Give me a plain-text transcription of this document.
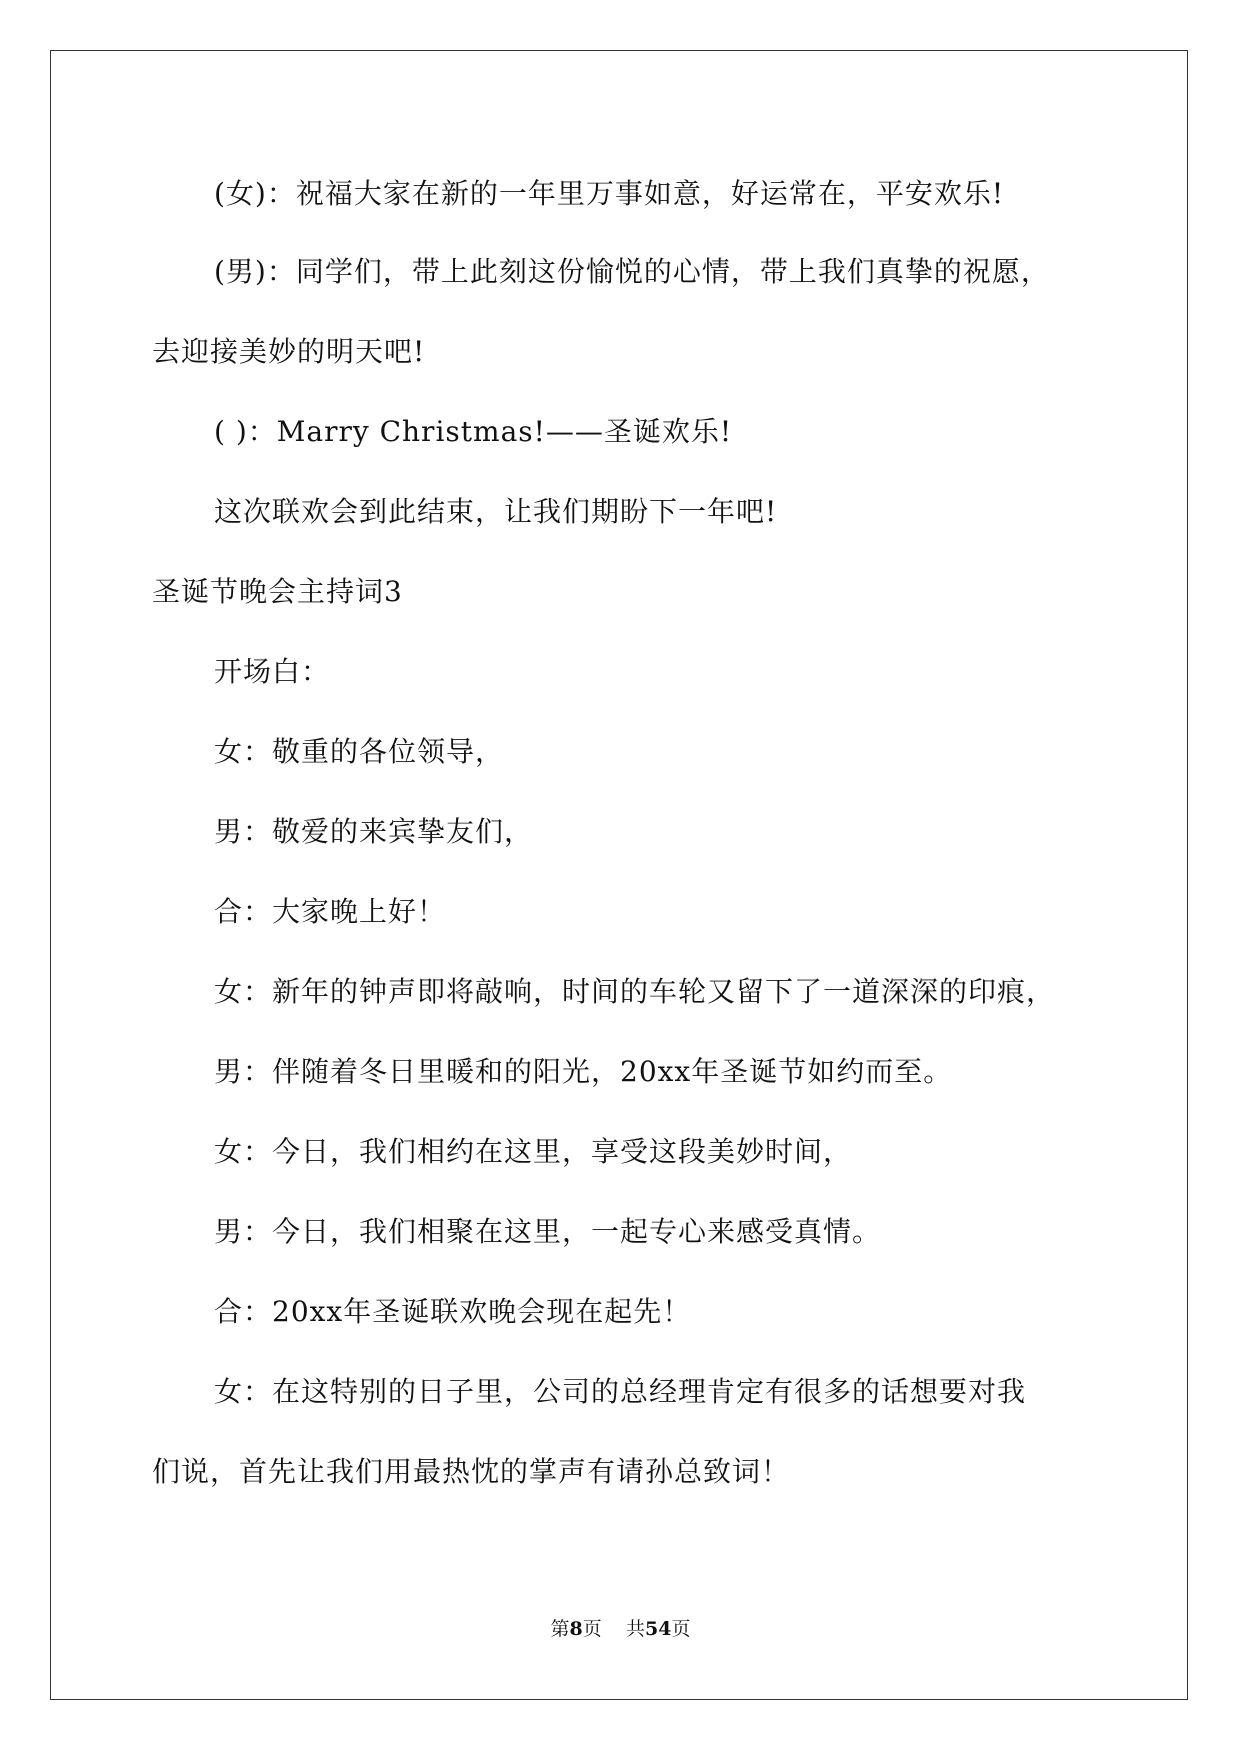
(女)：祝福大家在新的一年里万事如意，好运常在，平安欢乐!
(男)：同学们，带上此刻这份愉悦的心情，带上我们真挚的祝愿，
去迎接美妙的明天吧!
( )：Marry Christmas!——圣诞欢乐!
这次联欢会到此结束，让我们期盼下一年吧!
圣诞节晚会主持词3
开场白：
女：敬重的各位领导，
男：敬爱的来宾挚友们，
合：大家晚上好！
女：新年的钟声即将敲响，时间的车轮又留下了一道深深的印痕，
男：伴随着冬日里暖和的阳光，20xx年圣诞节如约而至。
女：今日，我们相约在这里，享受这段美妙时间，
男：今日，我们相聚在这里，一起专心来感受真情。
合：20xx年圣诞联欢晚会现在起先！
女：在这特别的日子里，公司的总经理肯定有很多的话想要对我
们说，首先让我们用最热忱的掌声有请孙总致词！
第8页 共54页
